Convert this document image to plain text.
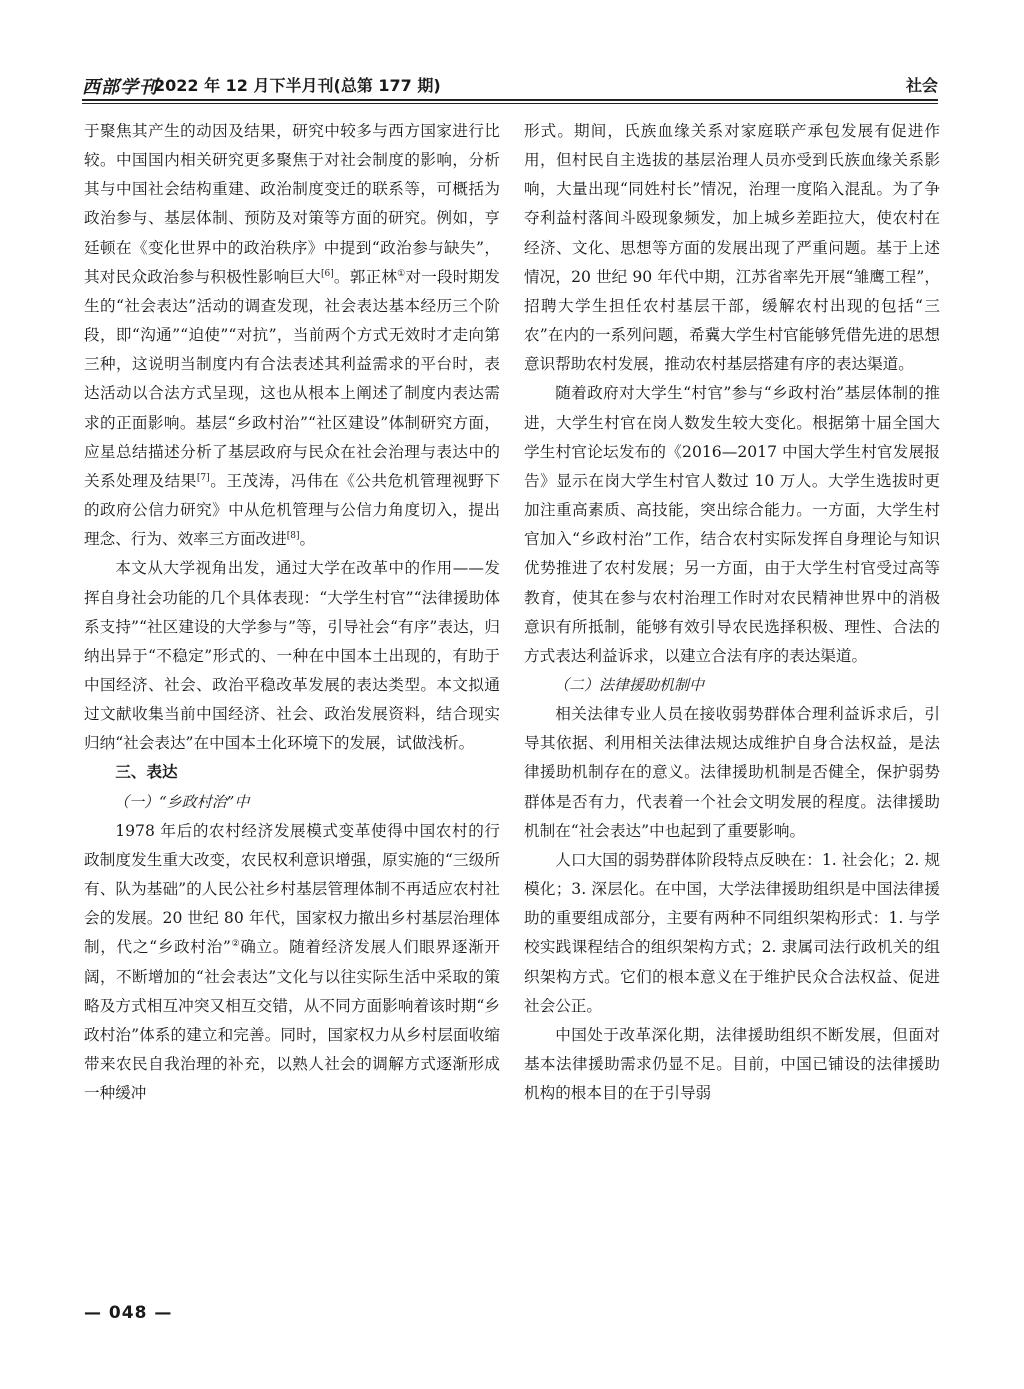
西部学刊
2022 年 12 月下半月刊(总第 177 期)	社会

于聚焦其产生的动因及结果，研究中较多与西方国家进行比较。中国国内相关研究更多聚焦于对社会制度的影响，分析其与中国社会结构重建、政治制度变迁的联系等，可概括为政治参与、基层体制、预防及对策等方面的研究。例如，亨廷顿在《变化世界中的政治秩序》中提到“政治参与缺失”，其对民众政治参与积极性影响巨大[6]。郭正林①对一段时期发生的“社会表达”活动的调查发现，社会表达基本经历三个阶段，即“沟通”“迫使”“对抗”，当前两个方式无效时才走向第三种，这说明当制度内有合法表述其利益需求的平台时，表达活动以合法方式呈现，这也从根本上阐述了制度内表达需求的正面影响。基层“乡政村治”“社区建设”体制研究方面，应星总结描述分析了基层政府与民众在社会治理与表达中的关系处理及结果[7]。王茂涛，冯伟在《公共危机管理视野下的政府公信力研究》中从危机管理与公信力角度切入，提出理念、行为、效率三方面改进[8]。

本文从大学视角出发，通过大学在改革中的作用——发挥自身社会功能的几个具体表现：“大学生村官”“法律援助体系支持”“社区建设的大学参与”等，引导社会“有序”表达，归纳出异于“不稳定”形式的、一种在中国本土出现的，有助于中国经济、社会、政治平稳改革发展的表达类型。本文拟通过文献收集当前中国经济、社会、政治发展资料，结合现实归纳“社会表达”在中国本土化环境下的发展，试做浅析。

三、表达
（一）“乡政村治”中

1978 年后的农村经济发展模式变革使得中国农村的行政制度发生重大改变，农民权利意识增强，原实施的“三级所有、队为基础”的人民公社乡村基层管理体制不再适应农村社会的发展。20 世纪 80 年代，国家权力撤出乡村基层治理体制，代之“乡政村治”②确立。随着经济发展人们眼界逐渐开阔，不断增加的“社会表达”文化与以往实际生活中采取的策略及方式相互冲突又相互交错，从不同方面影响着该时期“乡政村治”体系的建立和完善。同时，国家权力从乡村层面收缩带来农民自我治理的补充，以熟人社会的调解方式逐渐形成一种缓冲

形式。期间，氏族血缘关系对家庭联产承包发展有促进作用，但村民自主选拔的基层治理人员亦受到氏族血缘关系影响，大量出现“同姓村长”情况，治理一度陷入混乱。为了争夺利益村落间斗殴现象频发，加上城乡差距拉大，使农村在经济、文化、思想等方面的发展出现了严重问题。基于上述情况，20 世纪 90 年代中期，江苏省率先开展“雏鹰工程”，招聘大学生担任农村基层干部，缓解农村出现的包括“三农”在内的一系列问题，希冀大学生村官能够凭借先进的思想意识帮助农村发展，推动农村基层搭建有序的表达渠道。

随着政府对大学生“村官”参与“乡政村治”基层体制的推进，大学生村官在岗人数发生较大变化。根据第十届全国大学生村官论坛发布的《2016—2017 中国大学生村官发展报告》显示在岗大学生村官人数过 10 万人。大学生选拔时更加注重高素质、高技能，突出综合能力。一方面，大学生村官加入“乡政村治”工作，结合农村实际发挥自身理论与知识优势推进了农村发展；另一方面，由于大学生村官受过高等教育，使其在参与农村治理工作时对农民精神世界中的消极意识有所抵制，能够有效引导农民选择积极、理性、合法的方式表达利益诉求，以建立合法有序的表达渠道。

（二）法律援助机制中

相关法律专业人员在接收弱势群体合理利益诉求后，引导其依据、利用相关法律法规达成维护自身合法权益，是法律援助机制存在的意义。法律援助机制是否健全，保护弱势群体是否有力，代表着一个社会文明发展的程度。法律援助机制在“社会表达”中也起到了重要影响。

人口大国的弱势群体阶段特点反映在：1. 社会化；2. 规模化；3. 深层化。在中国，大学法律援助组织是中国法律援助的重要组成部分，主要有两种不同组织架构形式：1. 与学校实践课程结合的组织架构方式；2. 隶属司法行政机关的组织架构方式。它们的根本意义在于维护民众合法权益、促进社会公正。

中国处于改革深化期，法律援助组织不断发展，但面对基本法律援助需求仍显不足。目前，中国已铺设的法律援助机构的根本目的在于引导弱

— 048 —
